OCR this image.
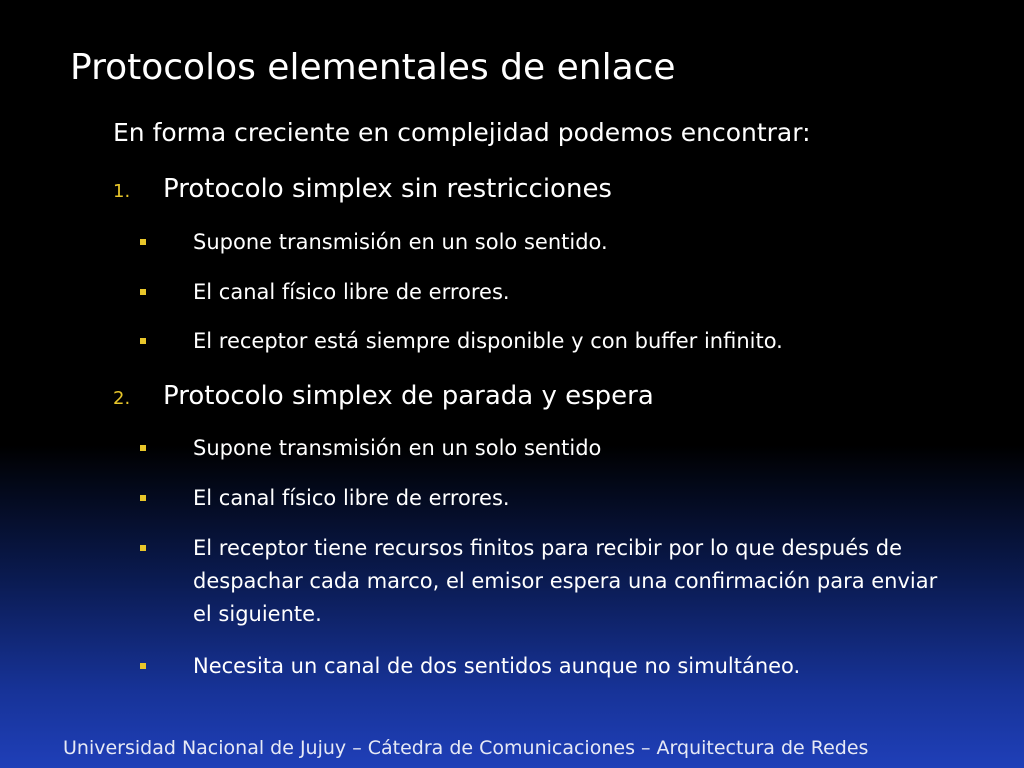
Protocolos elementales de enlace
En forma creciente en complejidad podemos encontrar:
1. Protocolo simplex sin restricciones
Supone transmisión en un solo sentido.
El canal físico libre de errores.
El receptor está siempre disponible y con buffer infinito.
2. Protocolo simplex de parada y espera
Supone transmisión en un solo sentido
El canal físico libre de errores.
El receptor tiene recursos finitos para recibir por lo que después de despachar cada marco, el emisor espera una confirmación para enviar el siguiente.
Necesita un canal de dos sentidos aunque no simultáneo.
Universidad Nacional de Jujuy – Cátedra de Comunicaciones – Arquitectura de Redes
